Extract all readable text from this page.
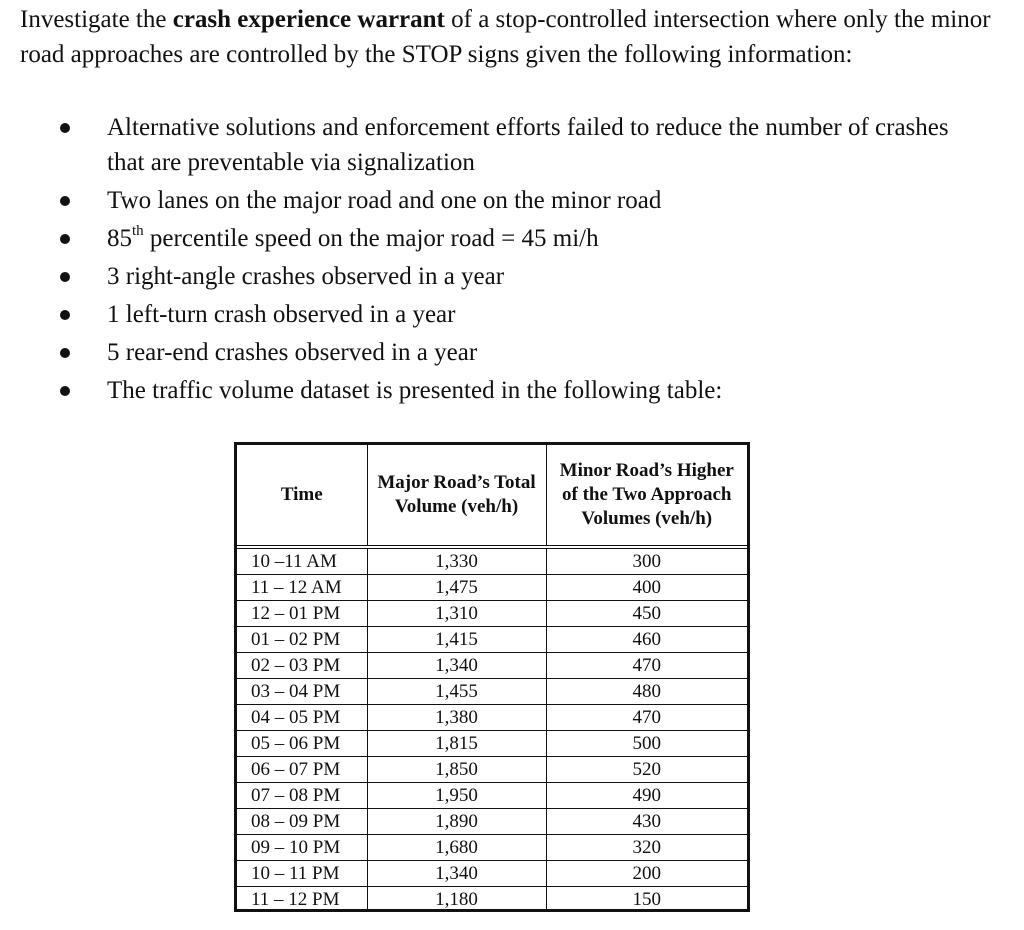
Investigate the crash experience warrant of a stop-controlled intersection where only the minor road approaches are controlled by the STOP signs given the following information:
Alternative solutions and enforcement efforts failed to reduce the number of crashes that are preventable via signalization
Two lanes on the major road and one on the minor road
85th percentile speed on the major road = 45 mi/h
3 right-angle crashes observed in a year
1 left-turn crash observed in a year
5 rear-end crashes observed in a year
The traffic volume dataset is presented in the following table:
Time	Major Road’s Total Volume (veh/h)	Minor Road’s Higher of the Two Approach Volumes (veh/h)
10 –11 AM	1,330	300
11 – 12 AM	1,475	400
12 – 01 PM	1,310	450
01 – 02 PM	1,415	460
02 – 03 PM	1,340	470
03 – 04 PM	1,455	480
04 – 05 PM	1,380	470
05 – 06 PM	1,815	500
06 – 07 PM	1,850	520
07 – 08 PM	1,950	490
08 – 09 PM	1,890	430
09 – 10 PM	1,680	320
10 – 11 PM	1,340	200
11 – 12 PM	1,180	150
